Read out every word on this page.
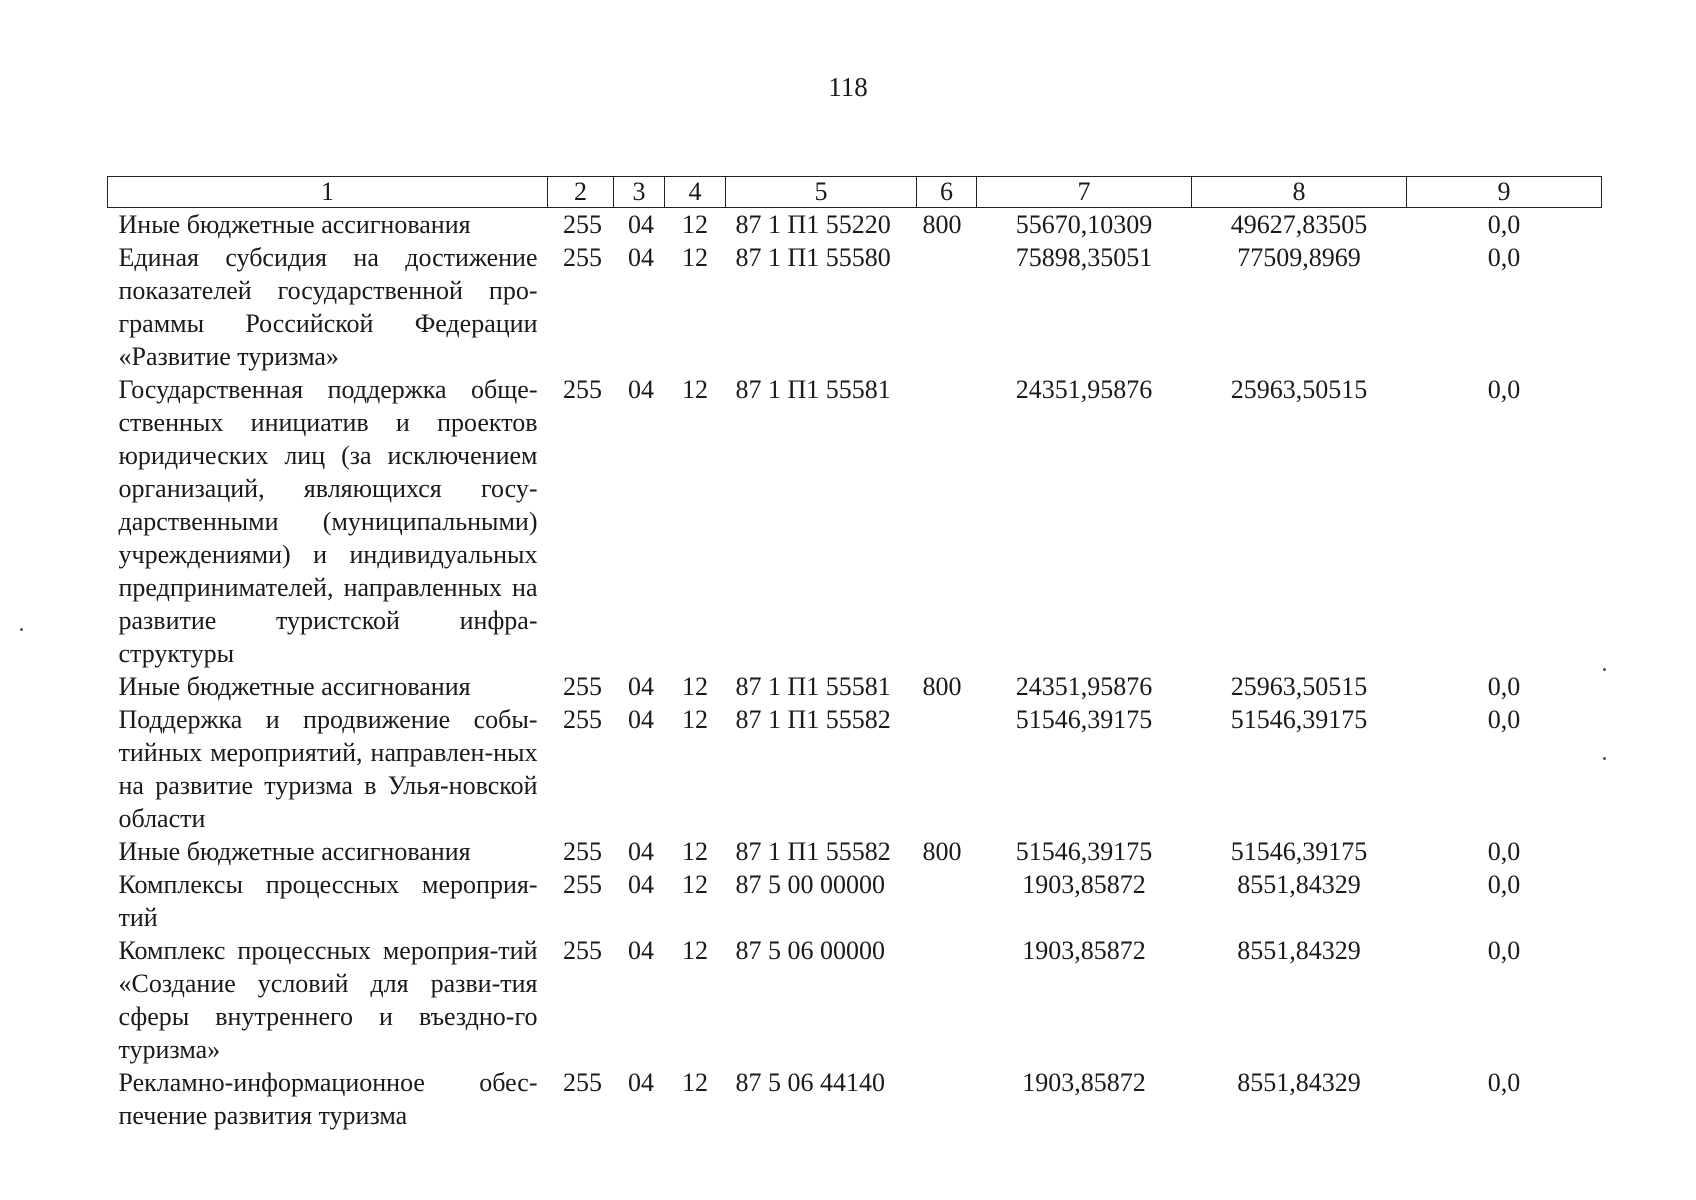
118
1	2	3	4	5	6	7	8	9
Иные бюджетные ассигнования	255	04	12	87 1 П1 55220	800	55670,10309	49627,83505	0,0
Единая субсидия на достижение показателей государственной про-граммы Российской Федерации «Развитие туризма»	255	04	12	87 1 П1 55580		75898,35051	77509,8969	0,0
Государственная поддержка обще-ственных инициатив и проектов юридических лиц (за исключением организаций, являющихся госу-дарственными (муниципальными) учреждениями) и индивидуальных предпринимателей, направленных на развитие туристской инфра-структуры	255	04	12	87 1 П1 55581		24351,95876	25963,50515	0,0
Иные бюджетные ассигнования	255	04	12	87 1 П1 55581	800	24351,95876	25963,50515	0,0
Поддержка и продвижение собы-тийных мероприятий, направлен-ных на развитие туризма в Улья-новской области	255	04	12	87 1 П1 55582		51546,39175	51546,39175	0,0
Иные бюджетные ассигнования	255	04	12	87 1 П1 55582	800	51546,39175	51546,39175	0,0
Комплексы процессных мероприя-тий	255	04	12	87 5 00 00000		1903,85872	8551,84329	0,0
Комплекс процессных мероприя-тий «Создание условий для разви-тия сферы внутреннего и въездно-го туризма»	255	04	12	87 5 06 00000		1903,85872	8551,84329	0,0
Рекламно-информационное обес-печение развития туризма	255	04	12	87 5 06 44140		1903,85872	8551,84329	0,0
